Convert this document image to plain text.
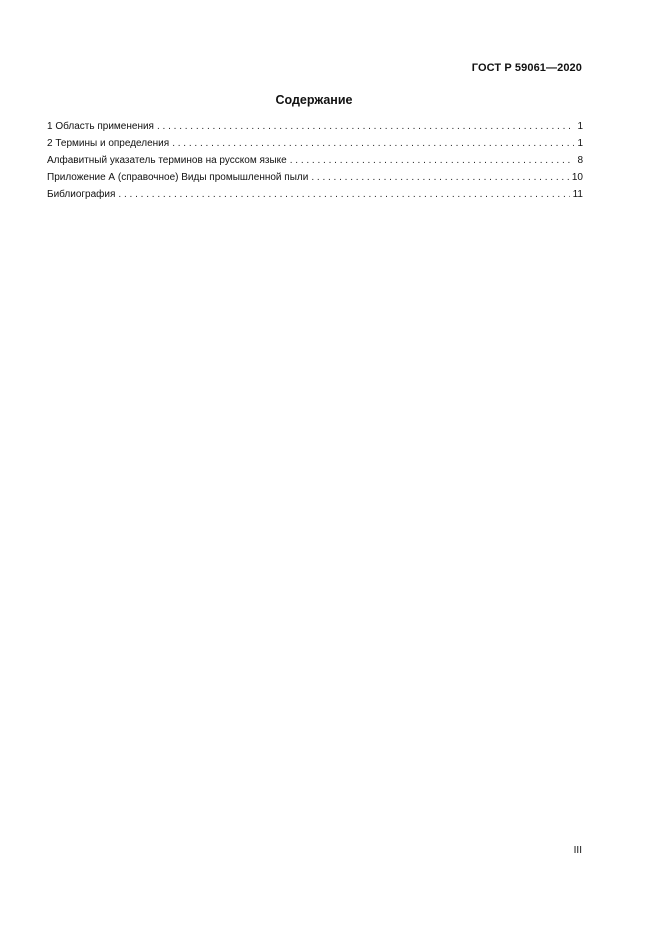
ГОСТ Р 59061—2020
Содержание
1 Область применения . . .	1
2 Термины и определения . . .	1
Алфавитный указатель терминов на русском языке . . .	8
Приложение А (справочное) Виды промышленной пыли . . .	10
Библиография . . .	11
III
